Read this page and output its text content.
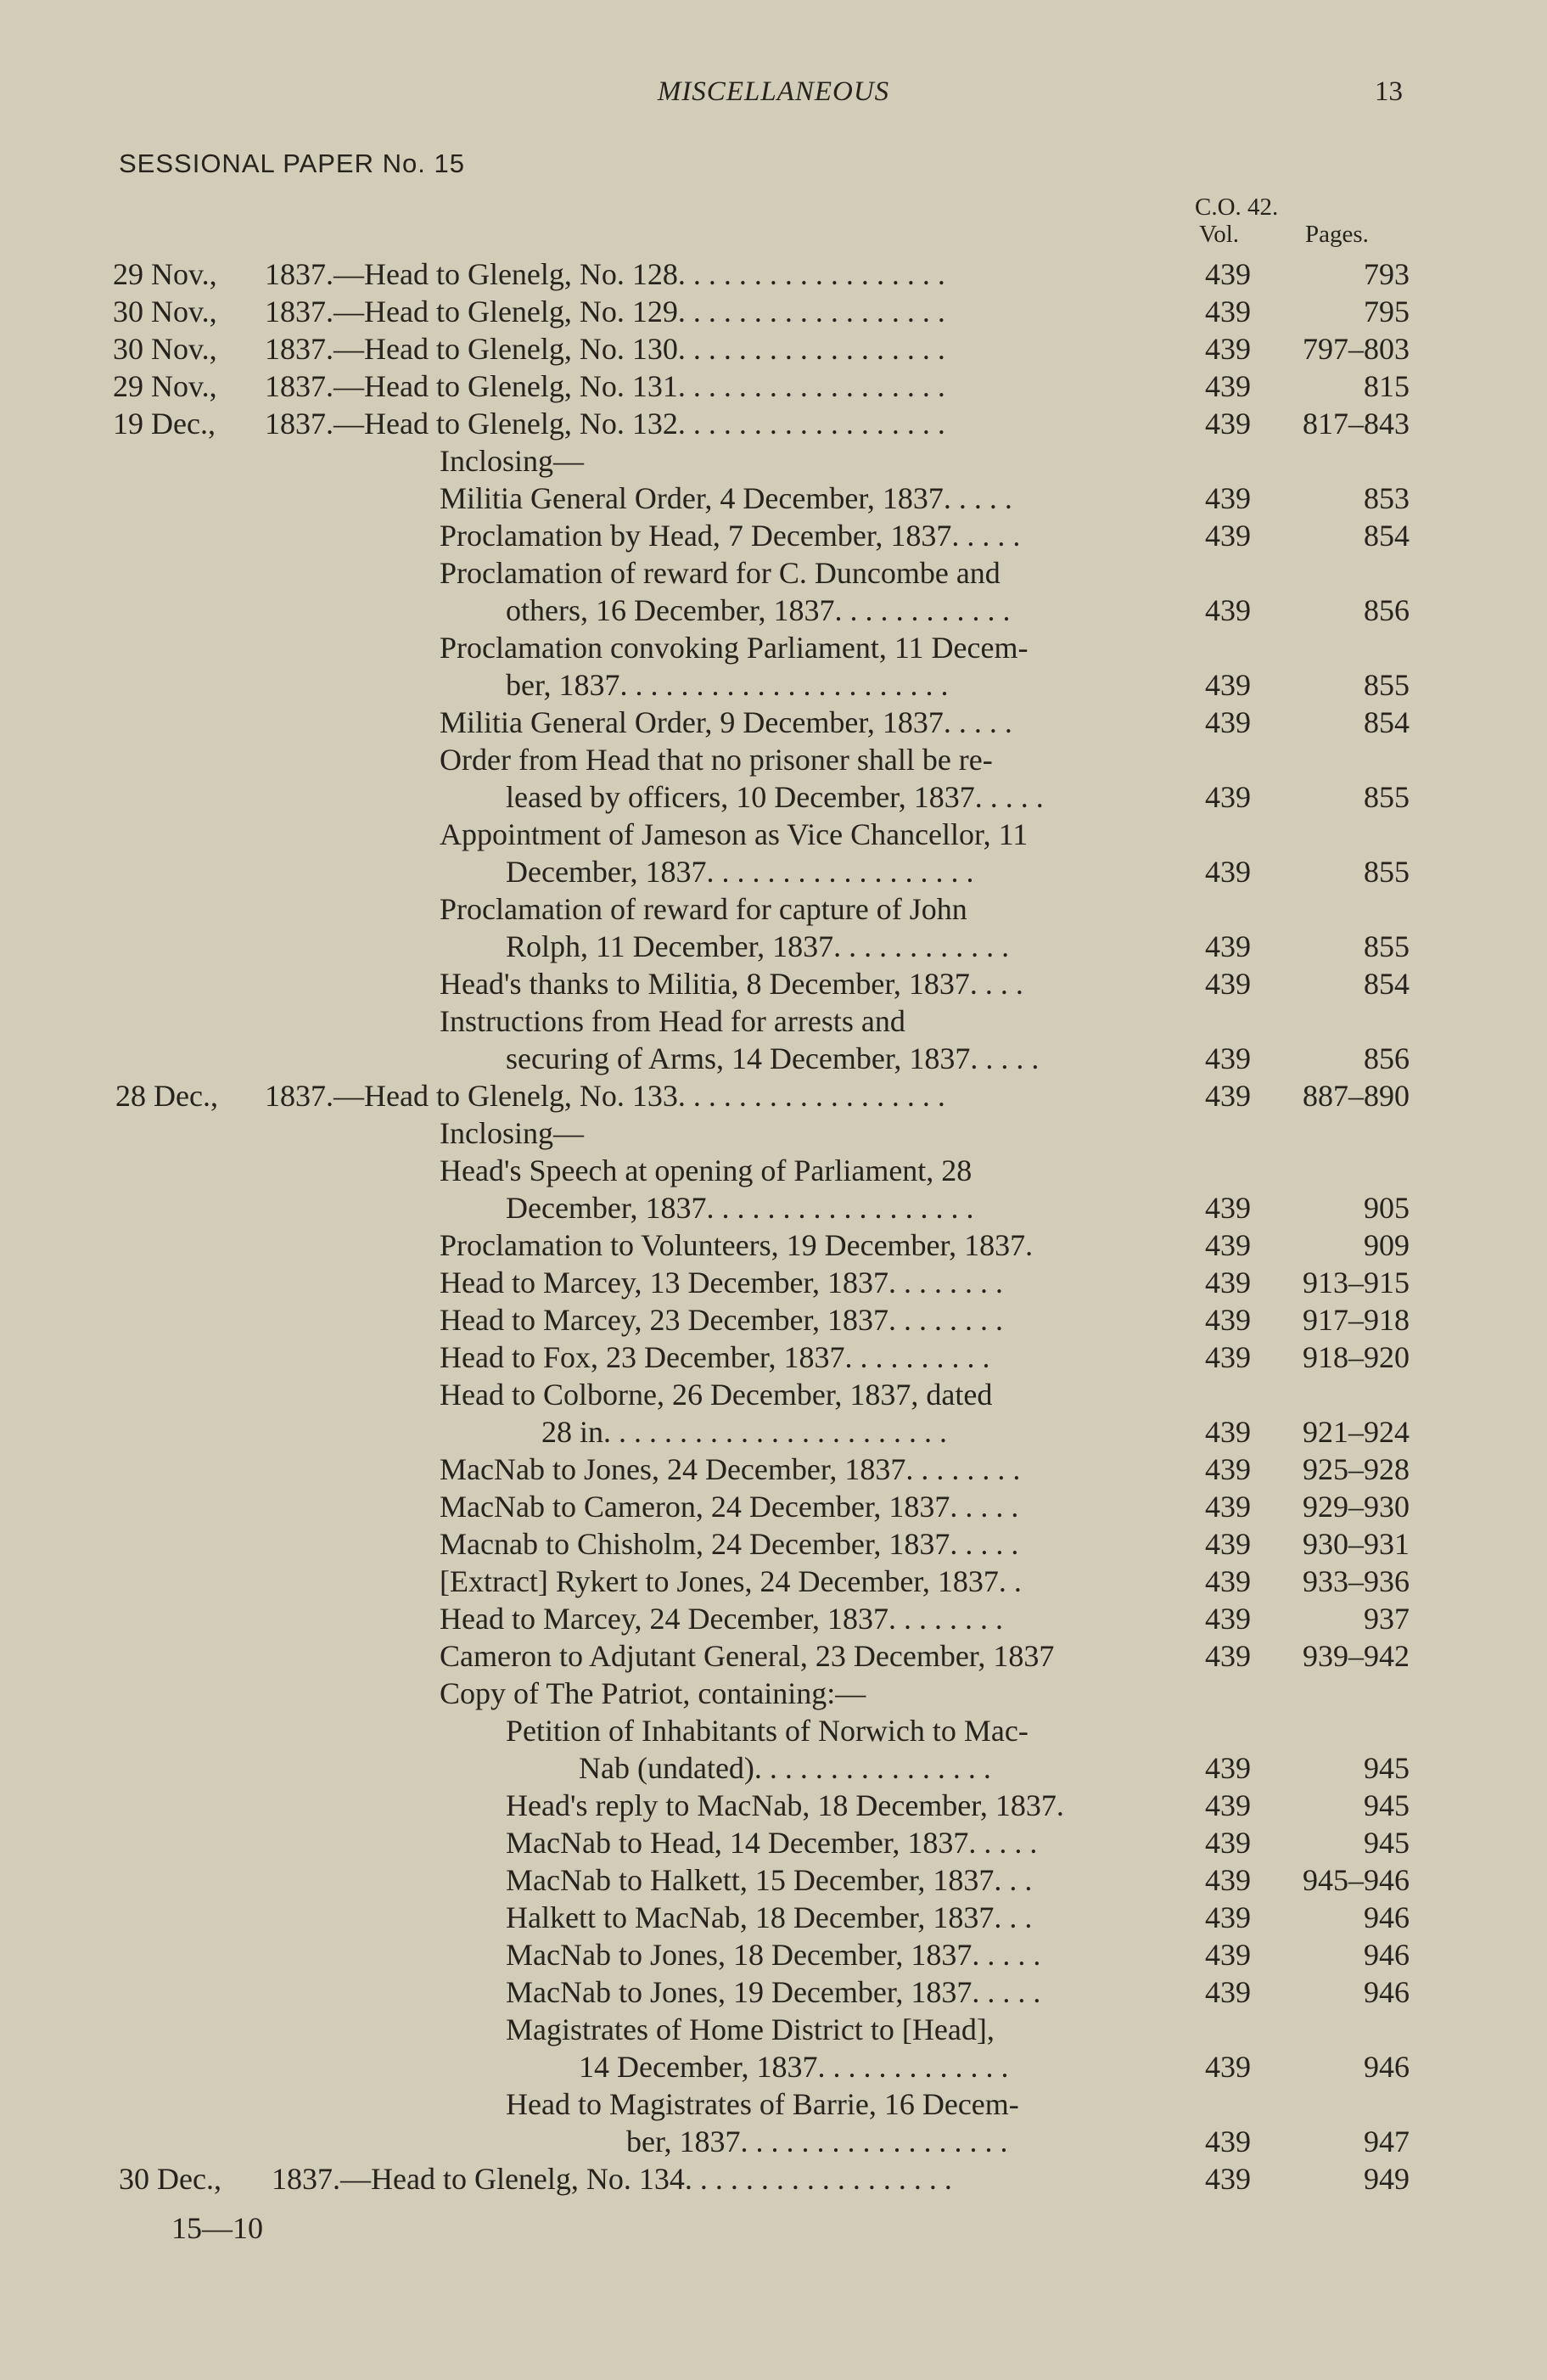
MISCELLANEOUS	13
SESSIONAL PAPER No. 15
C.O. 42.
Vol.	Pages.
29 Nov., 1837.—Head to Glenelg, No. 128. . . . . . . . . . . . . . . . . .	439	793
30 Nov., 1837.—Head to Glenelg, No. 129. . . . . . . . . . . . . . . . . .	439	795
30 Nov., 1837.—Head to Glenelg, No. 130. . . . . . . . . . . . . . . . . .	439 797–803
29 Nov., 1837.—Head to Glenelg, No. 131. . . . . . . . . . . . . . . . . .	439	815
19 Dec., 1837.—Head to Glenelg, No. 132. . . . . . . . . . . . . . . . . .	439 817–843
Inclosing—
Militia General Order, 4 December, 1837. . . . .	439	853
Proclamation by Head, 7 December, 1837. . . . .	439	854
Proclamation of reward for C. Duncombe and
others, 16 December, 1837. . . . . . . . . . . .	439	856
Proclamation convoking Parliament, 11 Decem-
ber, 1837. . . . . . . . . . . . . . . . . . . . . .	439	855
Militia General Order, 9 December, 1837. . . . .	439	854
Order from Head that no prisoner shall be re-
leased by officers, 10 December, 1837. . . . .	439	855
Appointment of Jameson as Vice Chancellor, 11
December, 1837. . . . . . . . . . . . . . . . . .	439	855
Proclamation of reward for capture of John
Rolph, 11 December, 1837. . . . . . . . . . . .	439	855
Head's thanks to Militia, 8 December, 1837. . . .	439	854
Instructions from Head for arrests and
securing of Arms, 14 December, 1837. . . . .	439	856
28 Dec., 1837.—Head to Glenelg, No. 133. . . . . . . . . . . . . . . . . .	439 887–890
Inclosing—
Head's Speech at opening of Parliament, 28
December, 1837. . . . . . . . . . . . . . . . . .	439	905
Proclamation to Volunteers, 19 December, 1837.	439	909
Head to Marcey, 13 December, 1837. . . . . . . .	439 913–915
Head to Marcey, 23 December, 1837. . . . . . . .	439 917–918
Head to Fox, 23 December, 1837. . . . . . . . . .	439 918–920
Head to Colborne, 26 December, 1837, dated
28 in. . . . . . . . . . . . . . . . . . . . . . .	439 921–924
MacNab to Jones, 24 December, 1837. . . . . . . .	439 925–928
MacNab to Cameron, 24 December, 1837. . . . .	439 929–930
Macnab to Chisholm, 24 December, 1837. . . . .	439 930–931
[Extract] Rykert to Jones, 24 December, 1837. .	439 933–936
Head to Marcey, 24 December, 1837. . . . . . . .	439	937
Cameron to Adjutant General, 23 December, 1837	439 939–942
Copy of The Patriot, containing:—
Petition of Inhabitants of Norwich to Mac-
Nab (undated). . . . . . . . . . . . . . . .	439	945
Head's reply to MacNab, 18 December, 1837.	439	945
MacNab to Head, 14 December, 1837. . . . .	439	945
MacNab to Halkett, 15 December, 1837. . .	439 945–946
Halkett to MacNab, 18 December, 1837. . .	439	946
MacNab to Jones, 18 December, 1837. . . . .	439	946
MacNab to Jones, 19 December, 1837. . . . .	439	946
Magistrates of Home District to [Head],
14 December, 1837. . . . . . . . . . . . .	439	946
Head to Magistrates of Barrie, 16 Decem-
ber, 1837. . . . . . . . . . . . . . . . . .	439	947
30 Dec., 1837.—Head to Glenelg, No. 134. . . . . . . . . . . . . . . . . .	439	949
15—10
